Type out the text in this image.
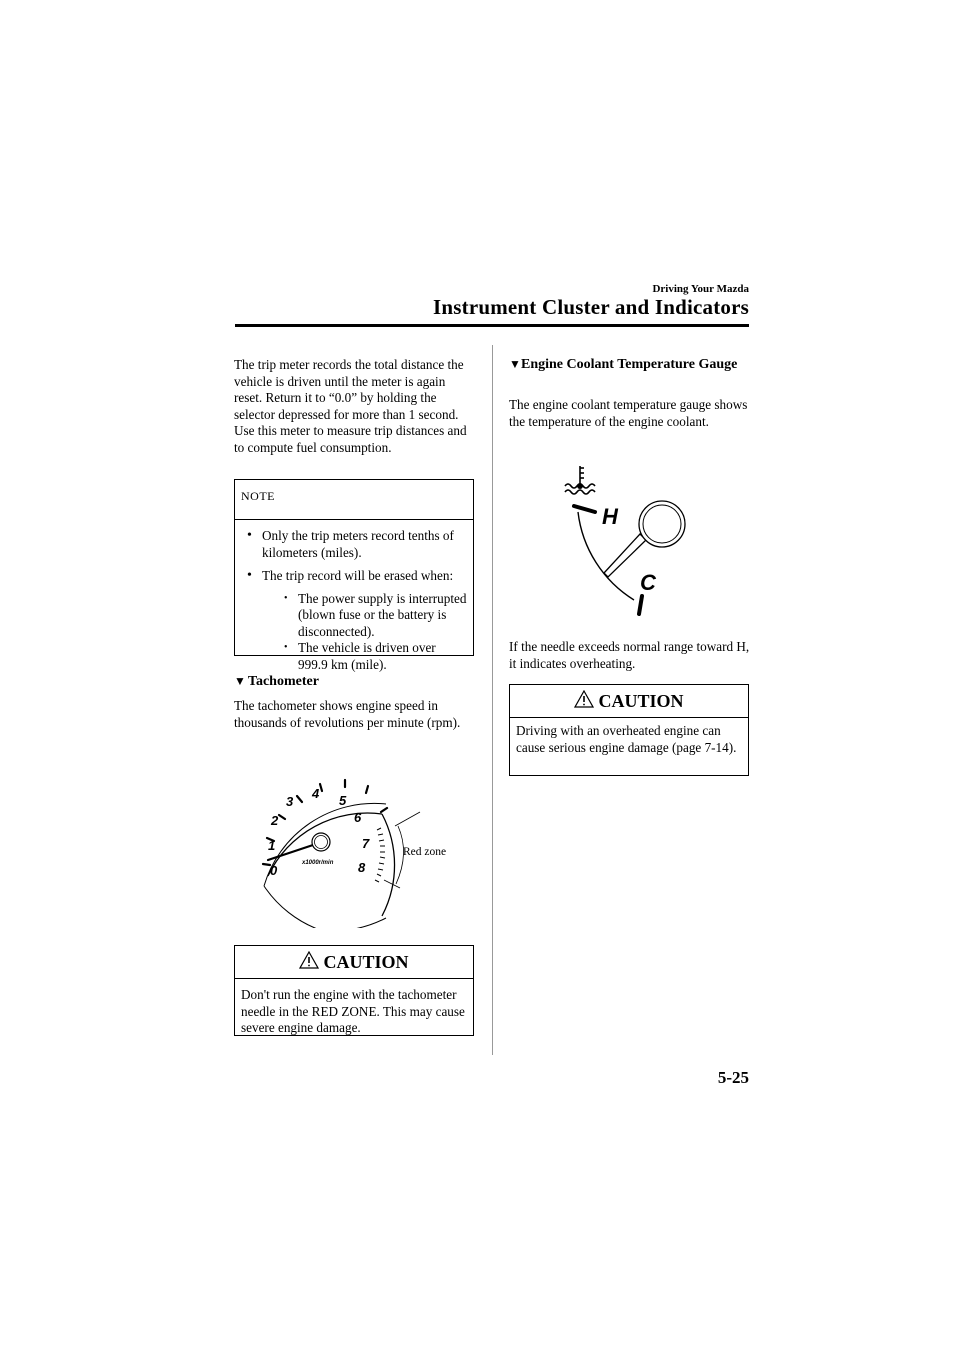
Driving Your Mazda
Instrument Cluster and Indicators
The trip meter records the total distance the vehicle is driven until the meter is again reset. Return it to “0.0” by holding the selector depressed for more than 1 second. Use this meter to measure trip distances and to compute fuel consumption.
NOTE
• Only the trip meters record tenths of kilometers (miles).
• The trip record will be erased when:
• The power supply is interrupted (blown fuse or the battery is disconnected).
• The vehicle is driven over 999.9 km (mile).
▼ Tachometer
The tachometer shows engine speed in thousands of revolutions per minute (rpm).
1
2
3
4 5
6
7
8
0	x1000r/min
Red zone
CAUTION
Don't run the engine with the tachometer needle in the RED ZONE. This may cause severe engine damage.
▼ Engine Coolant Temperature Gauge
The engine coolant temperature gauge shows the temperature of the engine coolant.
H
C
If the needle exceeds normal range toward H, it indicates overheating.
CAUTION
Driving with an overheated engine can cause serious engine damage (page 7-14).
5-25
